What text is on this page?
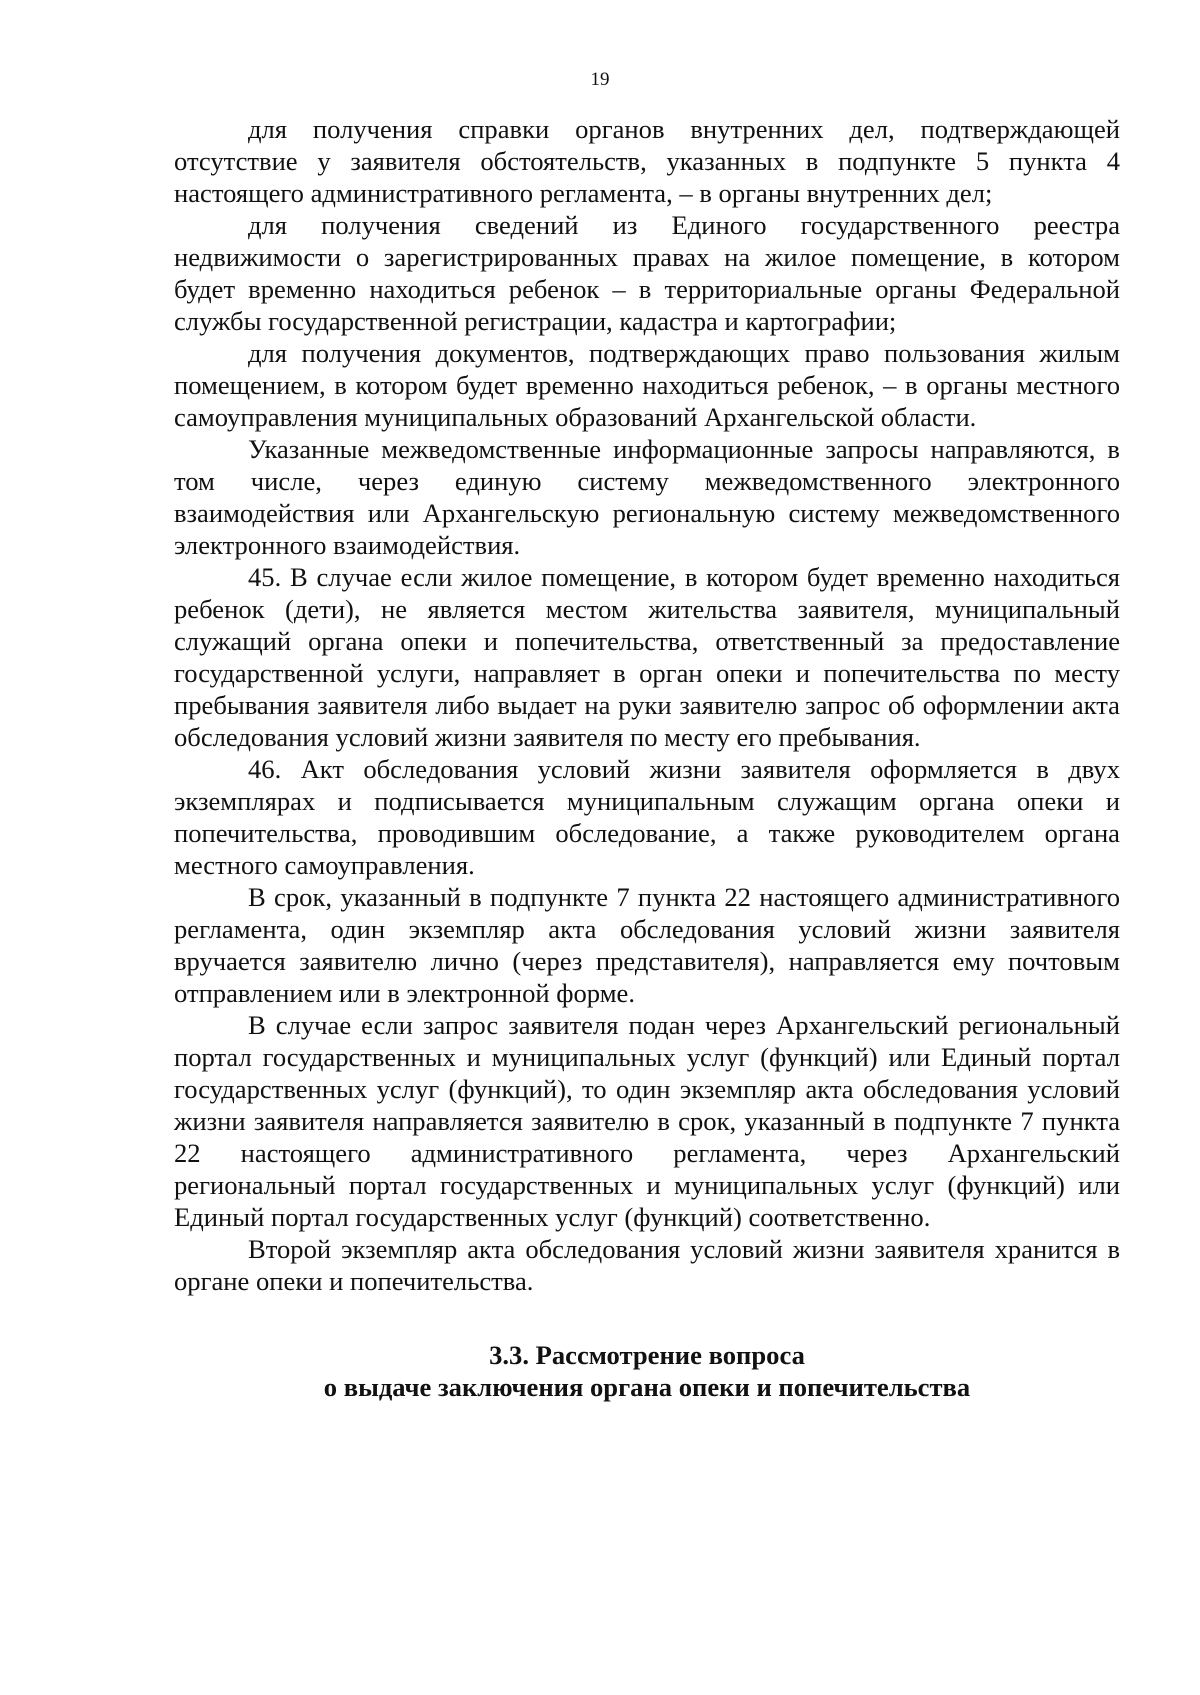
19

для получения справки органов внутренних дел, подтверждающей отсутствие у заявителя обстоятельств, указанных в подпункте 5 пункта 4 настоящего административного регламента, – в органы внутренних дел;

для получения сведений из Единого государственного реестра недвижимости о зарегистрированных правах на жилое помещение, в котором будет временно находиться ребенок – в территориальные органы Федеральной службы государственной регистрации, кадастра и картографии;

для получения документов, подтверждающих право пользования жилым помещением, в котором будет временно находиться ребенок, – в органы местного самоуправления муниципальных образований Архангельской области.

Указанные межведомственные информационные запросы направляются, в том числе, через единую систему межведомственного электронного взаимодействия или Архангельскую региональную систему межведомственного электронного взаимодействия.

45. В случае если жилое помещение, в котором будет временно находиться ребенок (дети), не является местом жительства заявителя, муниципальный служащий органа опеки и попечительства, ответственный за предоставление государственной услуги, направляет в орган опеки и попечительства по месту пребывания заявителя либо выдает на руки заявителю запрос об оформлении акта обследования условий жизни заявителя по месту его пребывания.

46. Акт обследования условий жизни заявителя оформляется в двух экземплярах и подписывается муниципальным служащим органа опеки и попечительства, проводившим обследование, а также руководителем органа местного самоуправления.

В срок, указанный в подпункте 7 пункта 22 настоящего административного регламента, один экземпляр акта обследования условий жизни заявителя вручается заявителю лично (через представителя), направляется ему почтовым отправлением или в электронной форме.

В случае если запрос заявителя подан через Архангельский региональный портал государственных и муниципальных услуг (функций) или Единый портал государственных услуг (функций), то один экземпляр акта обследования условий жизни заявителя направляется заявителю в срок, указанный в подпункте 7 пункта 22 настоящего административного регламента, через Архангельский региональный портал государственных и муниципальных услуг (функций) или Единый портал государственных услуг (функций) соответственно.

Второй экземпляр акта обследования условий жизни заявителя хранится в органе опеки и попечительства.

3.3. Рассмотрение вопроса
о выдаче заключения органа опеки и попечительства
